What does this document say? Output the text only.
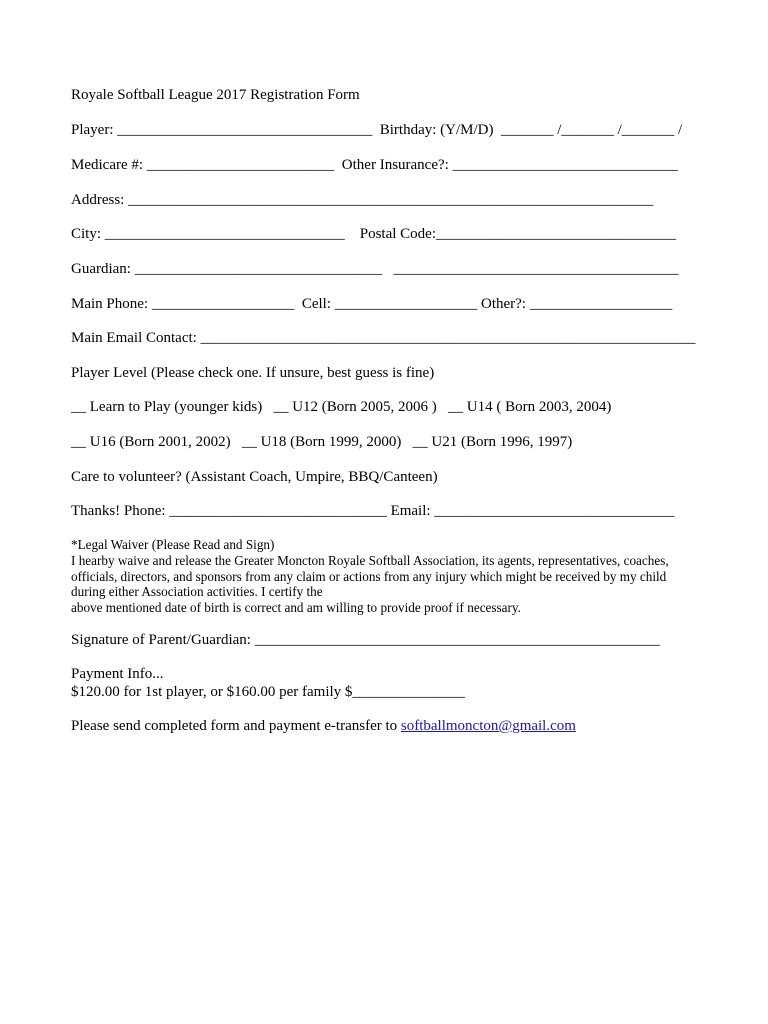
Royale Softball League 2017 Registration Form
Player: __________________________________  Birthday: (Y/M/D)  _______ /_______ /_______ /
Medicare #: _________________________  Other Insurance?: ______________________________
Address: ______________________________________________________________________
City: ________________________________    Postal Code:________________________________
Guardian: _________________________________   ______________________________________
Main Phone: ___________________  Cell: ___________________ Other?: ___________________
Main Email Contact: __________________________________________________________________
Player Level (Please check one. If unsure, best guess is fine)
__ Learn to Play (younger kids)   __ U12 (Born 2005, 2006 )   __ U14 ( Born 2003, 2004)
__ U16 (Born 2001, 2002)   __ U18 (Born 1999, 2000)   __ U21 (Born 1996, 1997)
Care to volunteer? (Assistant Coach, Umpire, BBQ/Canteen)
Thanks! Phone: _____________________________ Email: ________________________________
*Legal Waiver (Please Read and Sign)
I hearby waive and release the Greater Moncton Royale Softball Association, its agents, representatives, coaches,
officials, directors, and sponsors from any claim or actions from any injury which might be received by my child
during either Association activities. I certify the
above mentioned date of birth is correct and am willing to provide proof if necessary.
Signature of Parent/Guardian: ______________________________________________________
Payment Info...
$120.00 for 1st player, or $160.00 per family $_______________
Please send completed form and payment e-transfer to softballmoncton@gmail.com
